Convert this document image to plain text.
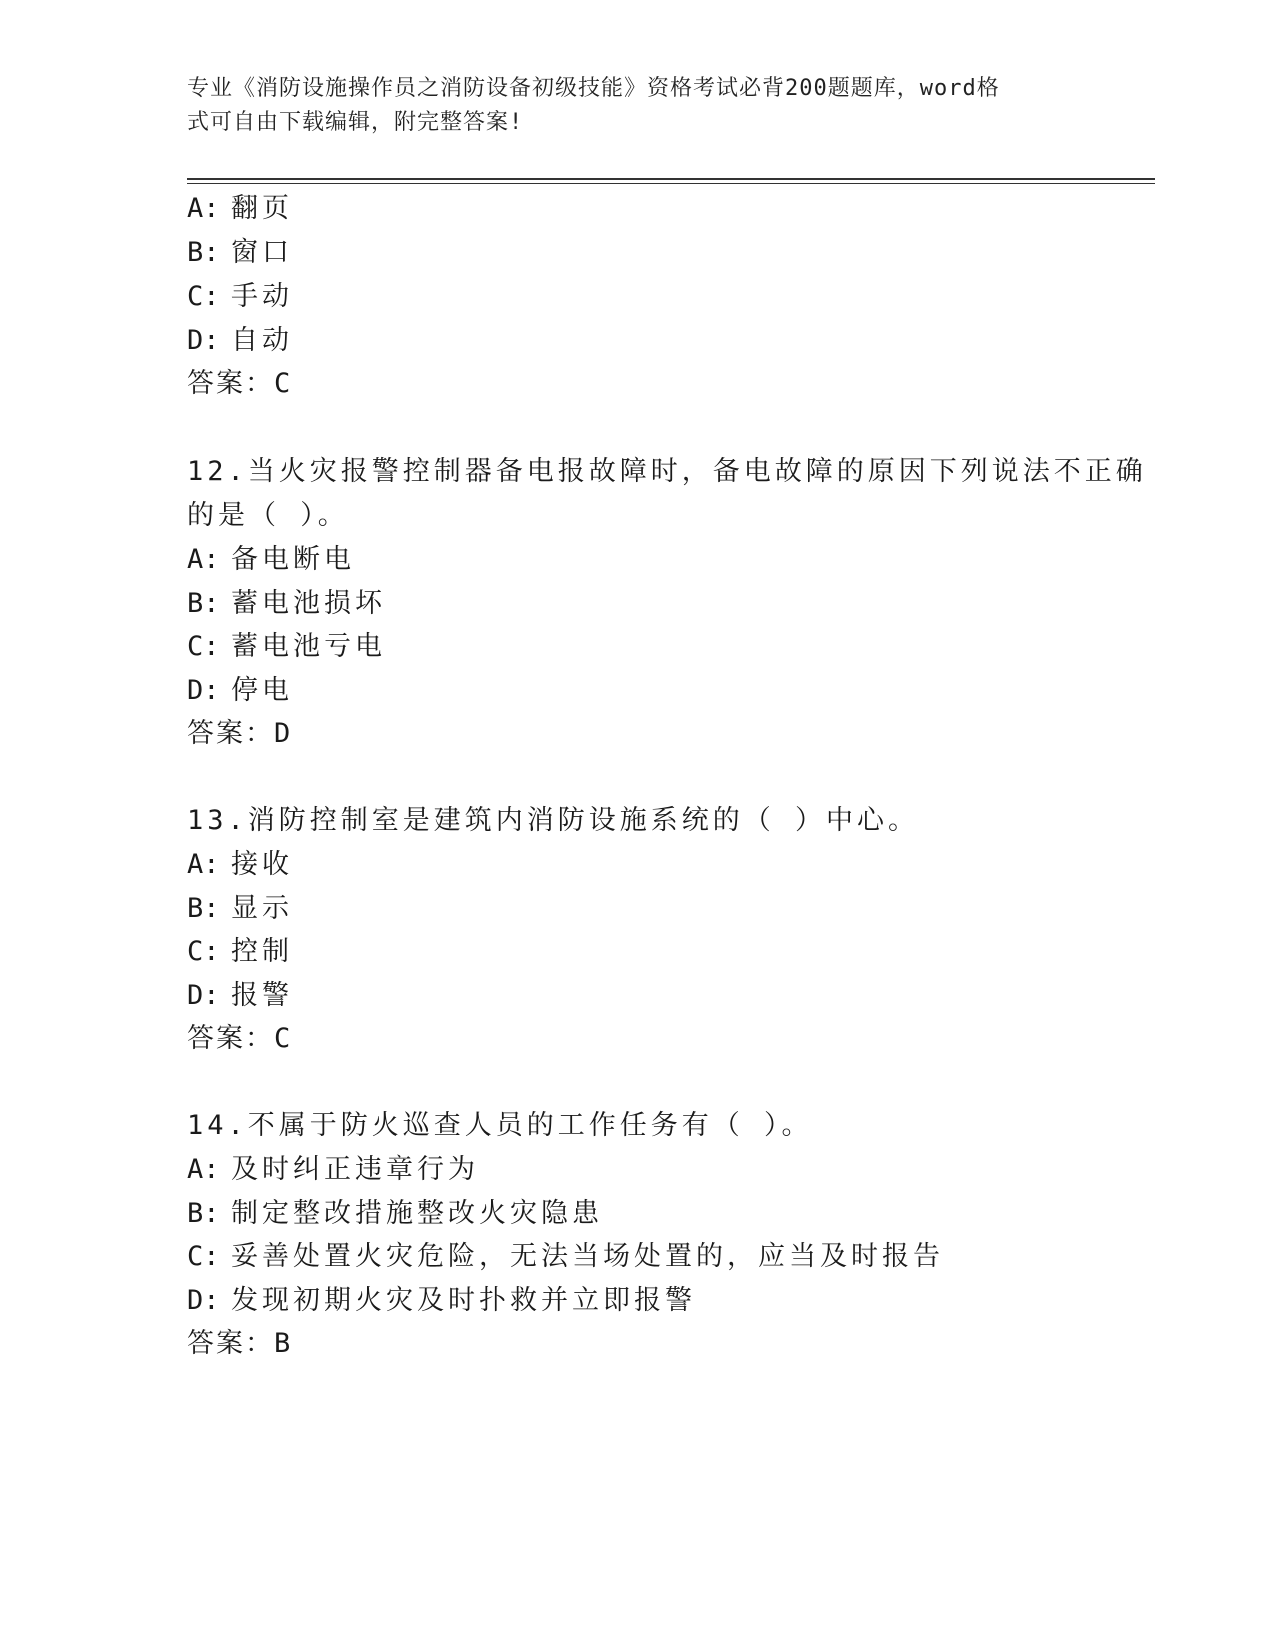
专业《消防设施操作员之消防设备初级技能》资格考试必背200题题库，word格
式可自由下载编辑，附完整答案!
A: 翻页
B: 窗口
C: 手动
D: 自动
答案：C
12.当火灾报警控制器备电报故障时，备电故障的原因下列说法不正确
的是（ ）。
A: 备电断电
B: 蓄电池损坏
C: 蓄电池亏电
D: 停电
答案：D
13.消防控制室是建筑内消防设施系统的（ ）中心。
A: 接收
B: 显示
C: 控制
D: 报警
答案：C
14.不属于防火巡查人员的工作任务有（ ）。
A: 及时纠正违章行为
B: 制定整改措施整改火灾隐患
C: 妥善处置火灾危险，无法当场处置的，应当及时报告
D: 发现初期火灾及时扑救并立即报警
答案：B
